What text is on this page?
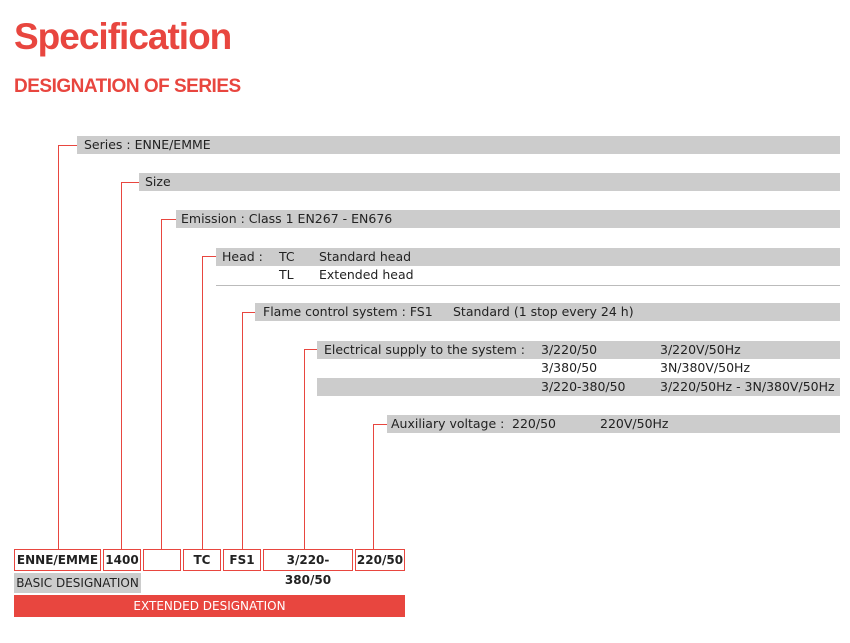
Specification
DESIGNATION OF SERIES
Series : ENNE/EMME
Size
Emission : Class 1 EN267 - EN676
Head : TC Standard head
TL Extended head
Flame control system : FS1 Standard (1 stop every 24 h)
Electrical supply to the system : 3/220/50	3/220V/50Hz
3/380/50	3N/380V/50Hz
3/220-380/50	3/220/50Hz - 3N/380V/50Hz
Auxiliary voltage : 220/50	220V/50Hz
ENNE/EMME 1400	TC	FS1	3/220-380/50
220/50
BASIC DESIGNATION
EXTENDED DESIGNATION
